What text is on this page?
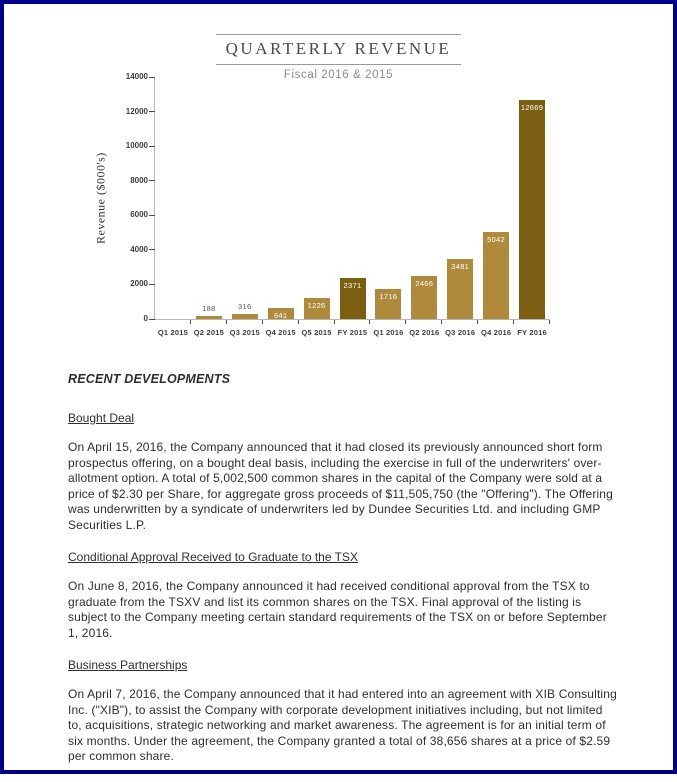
QUARTERLY REVENUE
Fiscal 2016 & 2015
Revenue ($000's)
0
2000
4000
6000
8000
10000
12000
14000
Q1 2015
188
Q2 2015
316
Q3 2015
641
Q4 2015
1226
Q5 2015
2371
FY 2015
1716
Q1 2016
2466
Q2 2016
3481
Q3 2016
5042
Q4 2016
12669
FY 2016
RECENT DEVELOPMENTS
Bought Deal
On April 15, 2016, the Company announced that it had closed its previously announced short form prospectus offering, on a bought deal basis, including the exercise in full of the underwriters' over-allotment option. A total of 5,002,500 common shares in the capital of the Company were sold at a price of $2.30 per Share, for aggregate gross proceeds of $11,505,750 (the "Offering"). The Offering was underwritten by a syndicate of underwriters led by Dundee Securities Ltd. and including GMP Securities L.P.
Conditional Approval Received to Graduate to the TSX
On June 8, 2016, the Company announced it had received conditional approval from the TSX to graduate from the TSXV and list its common shares on the TSX. Final approval of the listing is subject to the Company meeting certain standard requirements of the TSX on or before September 1, 2016.
Business Partnerships
On April 7, 2016, the Company announced that it had entered into an agreement with XIB Consulting Inc. ("XIB"), to assist the Company with corporate development initiatives including, but not limited to, acquisitions, strategic networking and market awareness. The agreement is for an initial term of six months. Under the agreement, the Company granted a total of 38,656 shares at a price of $2.59 per common share.
